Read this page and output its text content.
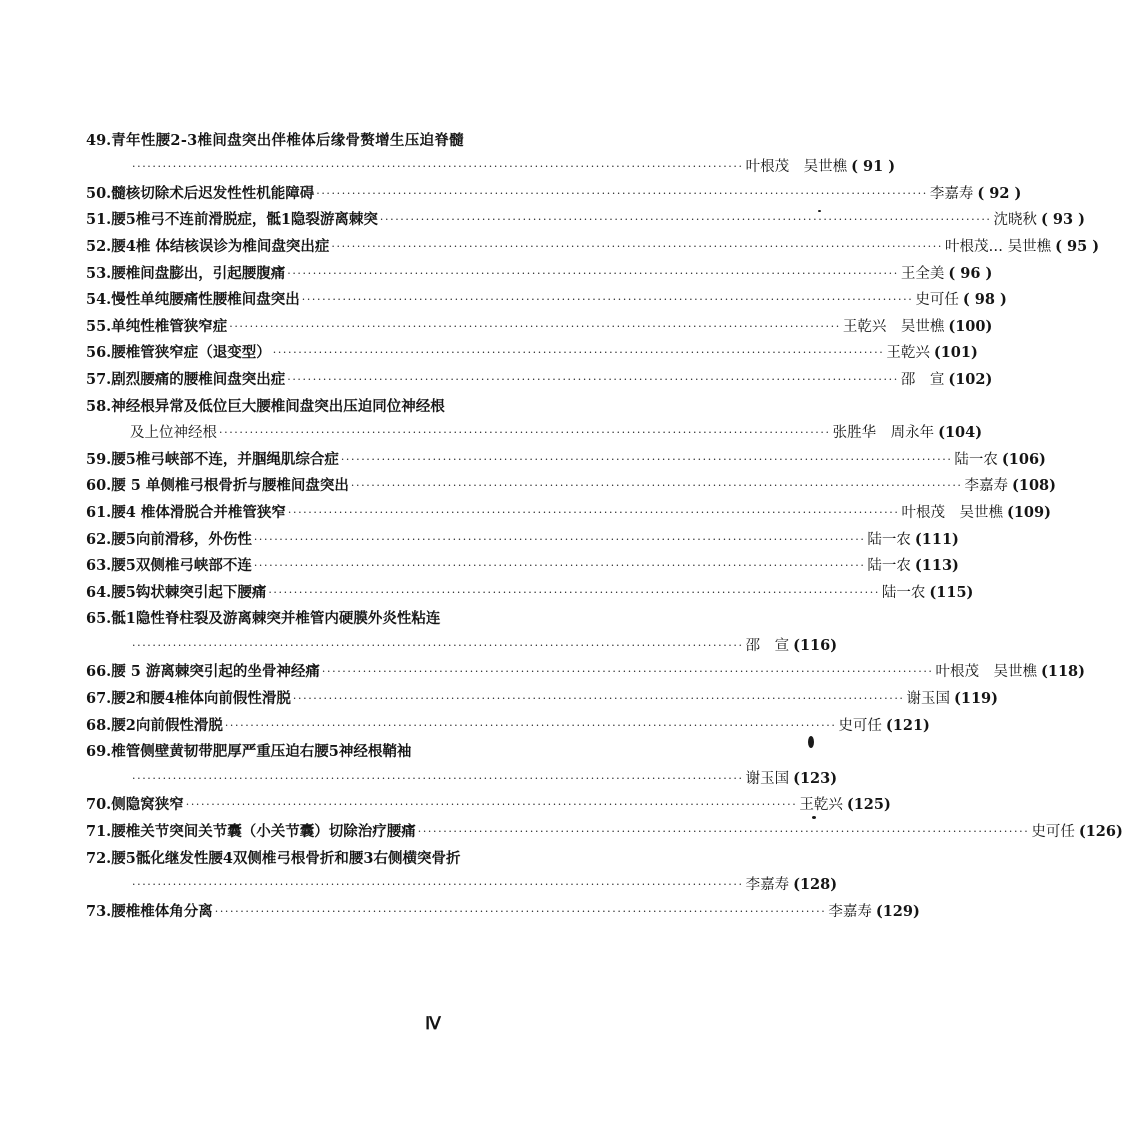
49. 青年性腰2-3椎间盘突出伴椎体后缘骨赘增生压迫脊髓
························································································································ 叶根茂　吴世樵 ( 91 )
50. 髓核切除术后迟发性性机能障碍 ························································································································ 李嘉寿 ( 92 )
51. 腰5椎弓不连前滑脱症，骶1隐裂游离棘突 ························································································································ 沈晓秋 ( 93 )
52. 腰4椎 体结核误诊为椎间盘突出症 ························································································································ 叶根茂… 吴世樵 ( 95 )
53. 腰椎间盘膨出，引起腰腹痛 ························································································································ 王全美 ( 96 )
54. 慢性单纯腰痛性腰椎间盘突出 ························································································································ 史可任 ( 98 )
55. 单纯性椎管狭窄症 ························································································································ 王乾兴　吴世樵 (100)
56. 腰椎管狭窄症（退变型） ························································································································ 王乾兴 (101)
57. 剧烈腰痛的腰椎间盘突出症 ························································································································ 邵　宣 (102)
58. 神经根异常及低位巨大腰椎间盘突出压迫同位神经根
及上位神经根 ························································································································ 张胜华　周永年 (104)
59. 腰5椎弓峡部不连，并腘绳肌综合症 ························································································································ 陆一农 (106)
60. 腰 5 单侧椎弓根骨折与腰椎间盘突出 ························································································································ 李嘉寿 (108)
61. 腰4 椎体滑脱合并椎管狭窄 ························································································································ 叶根茂　吴世樵 (109)
62. 腰5向前滑移，外伤性 ························································································································ 陆一农 (111)
63. 腰5双侧椎弓峡部不连 ························································································································ 陆一农 (113)
64. 腰5钩状棘突引起下腰痛 ························································································································ 陆一农 (115)
65. 骶1隐性脊柱裂及游离棘突并椎管内硬膜外炎性粘连
························································································································ 邵　宣 (116)
66. 腰 5 游离棘突引起的坐骨神经痛 ························································································································ 叶根茂　吴世樵 (118)
67. 腰2和腰4椎体向前假性滑脱 ························································································································ 谢玉国 (119)
68. 腰2向前假性滑脱 ························································································································ 史可任 (121)
69. 椎管侧壁黄韧带肥厚严重压迫右腰5神经根鞘袖
························································································································ 谢玉国 (123)
70. 侧隐窝狭窄 ························································································································ 王乾兴 (125)
71. 腰椎关节突间关节囊（小关节囊）切除治疗腰痛 ························································································································ 史可任 (126)
72. 腰5骶化继发性腰4双侧椎弓根骨折和腰3右侧横突骨折
························································································································ 李嘉寿 (128)
73. 腰椎椎体角分离 ························································································································ 李嘉寿 (129)
Ⅳ
